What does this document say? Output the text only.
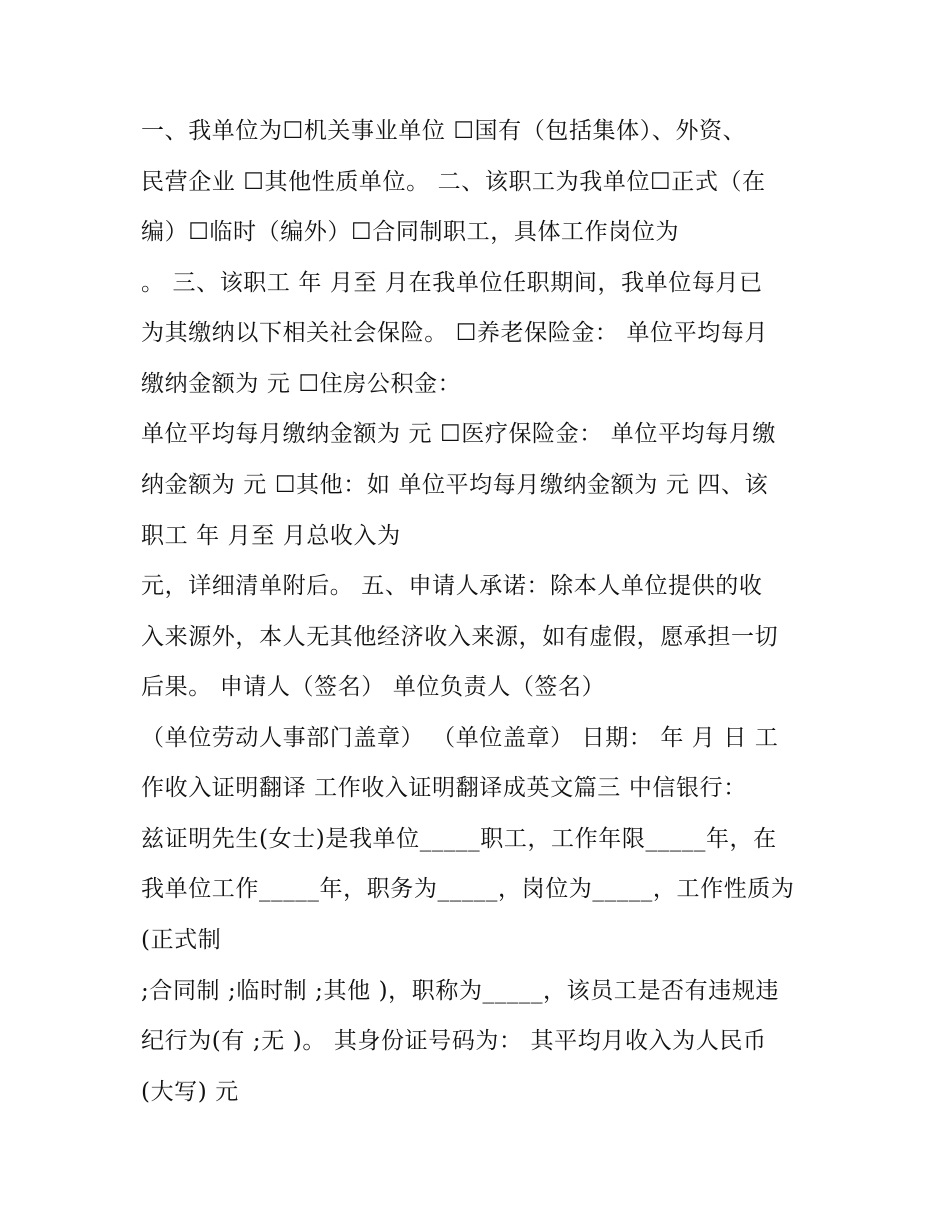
一、我单位为☐机关事业单位 ☐国有（包括集体）、外资、
民营企业 ☐其他性质单位。 二、该职工为我单位☐正式（在
编）☐临时（编外）☐合同制职工，具体工作岗位为
。 三、该职工 年 月至 月在我单位任职期间，我单位每月已
为其缴纳以下相关社会保险。 ☐养老保险金： 单位平均每月
缴纳金额为 元 ☐住房公积金：
单位平均每月缴纳金额为 元 ☐医疗保险金： 单位平均每月缴
纳金额为 元 ☐其他：如 单位平均每月缴纳金额为 元 四、该
职工 年 月至 月总收入为
元，详细清单附后。 五、申请人承诺：除本人单位提供的收
入来源外，本人无其他经济收入来源，如有虚假，愿承担一切
后果。 申请人（签名） 单位负责人（签名）
（单位劳动人事部门盖章） （单位盖章） 日期： 年 月 日 工
作收入证明翻译 工作收入证明翻译成英文篇三 中信银行：
兹证明先生(女士)是我单位_____职工，工作年限_____年，在
我单位工作_____年，职务为_____，岗位为_____，工作性质为
(正式制
;合同制 ;临时制 ;其他 )，职称为_____，该员工是否有违规违
纪行为(有 ;无 )。 其身份证号码为： 其平均月收入为人民币
(大写) 元
